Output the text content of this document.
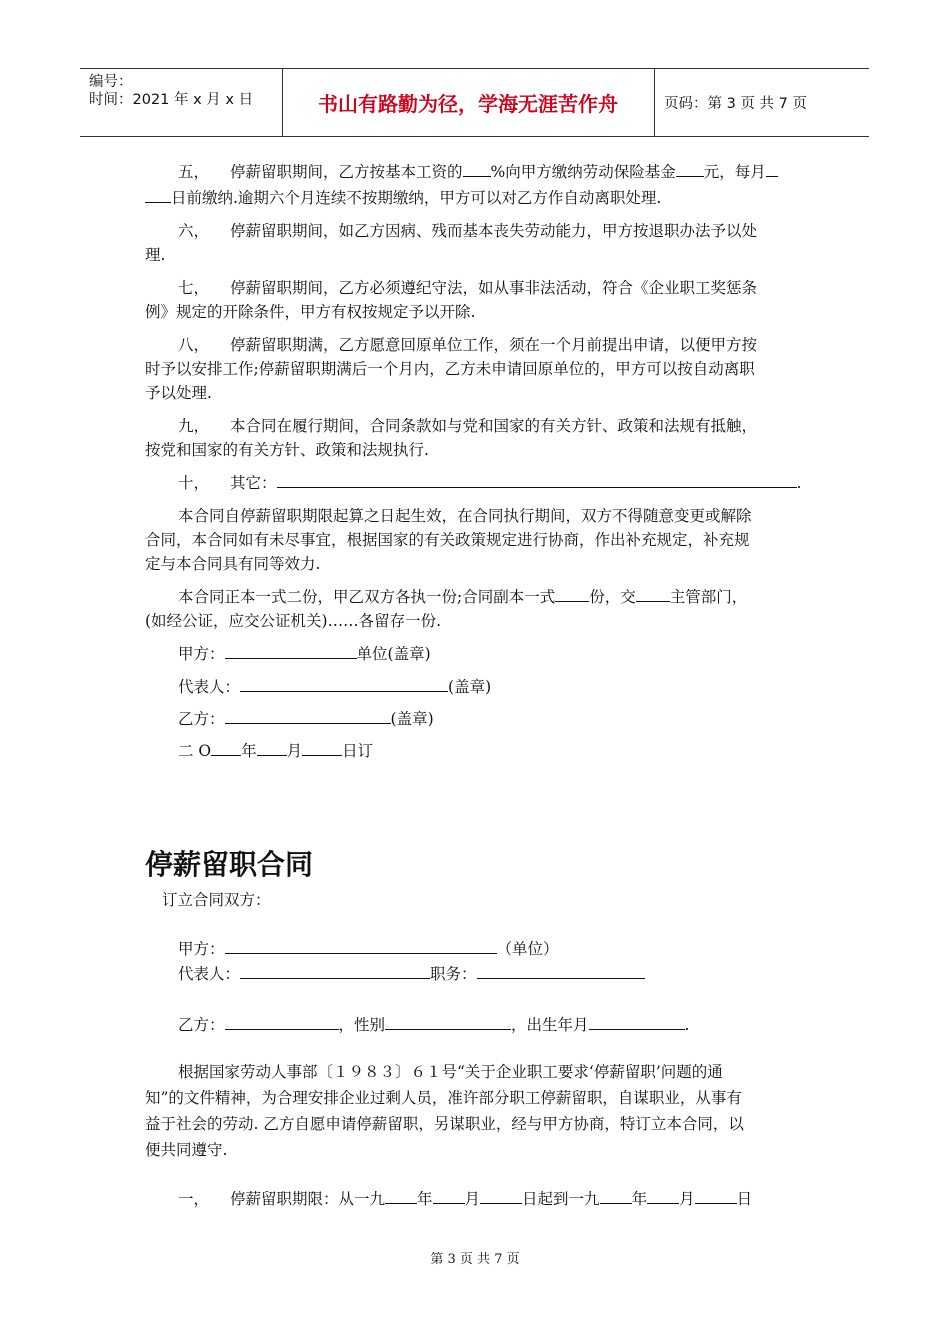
编号：
时间：2021 年 x 月 x 日	书山有路勤为径，学海无涯苦作舟	页码：第 3 页 共 7 页
五， 停薪留职期间，乙方按基本工资的 %向甲方缴纳劳动保险基金 元，每月
日前缴纳.逾期六个月连续不按期缴纳，甲方可以对乙方作自动离职处理.
六， 停薪留职期间，如乙方因病、残而基本丧失劳动能力，甲方按退职办法予以处
理.
七， 停薪留职期间，乙方必须遵纪守法，如从事非法活动，符合《企业职工奖惩条
例》规定的开除条件，甲方有权按规定予以开除.
八， 停薪留职期满，乙方愿意回原单位工作，须在一个月前提出申请，以便甲方按
时予以安排工作;停薪留职期满后一个月内，乙方未申请回原单位的，甲方可以按自动离职
予以处理.
九， 本合同在履行期间，合同条款如与党和国家的有关方针、政策和法规有抵触，
按党和国家的有关方针、政策和法规执行.
十， 其它：	.
本合同自停薪留职期限起算之日起生效，在合同执行期间，双方不得随意变更或解除
合同，本合同如有未尽事宜，根据国家的有关政策规定进行协商，作出补充规定，补充规
定与本合同具有同等效力.
本合同正本一式二份，甲乙双方各执一份;合同副本一式 份，交 主管部门，
(如经公证，应交公证机关)……各留存一份.
甲方：	单位(盖章)
代表人：	(盖章)
乙方：	(盖章)
二 O 年 月	日订
停薪留职合同
订立合同双方：
甲方：	（单位）
代表人：	职务：
乙方：	，性别	，出生年月	.
根据国家劳动人事部〔１９８３〕６１号“关于企业职工要求‘停薪留职’问题的通
知”的文件精神，为合理安排企业过剩人员，准许部分职工停薪留职，自谋职业，从事有
益于社会的劳动. 乙方自愿申请停薪留职，另谋职业，经与甲方协商，特订立本合同，以
便共同遵守.
一， 停薪留职期限：从一九 年 月	日起到一九 年 月	日
第 3 页 共 7 页
